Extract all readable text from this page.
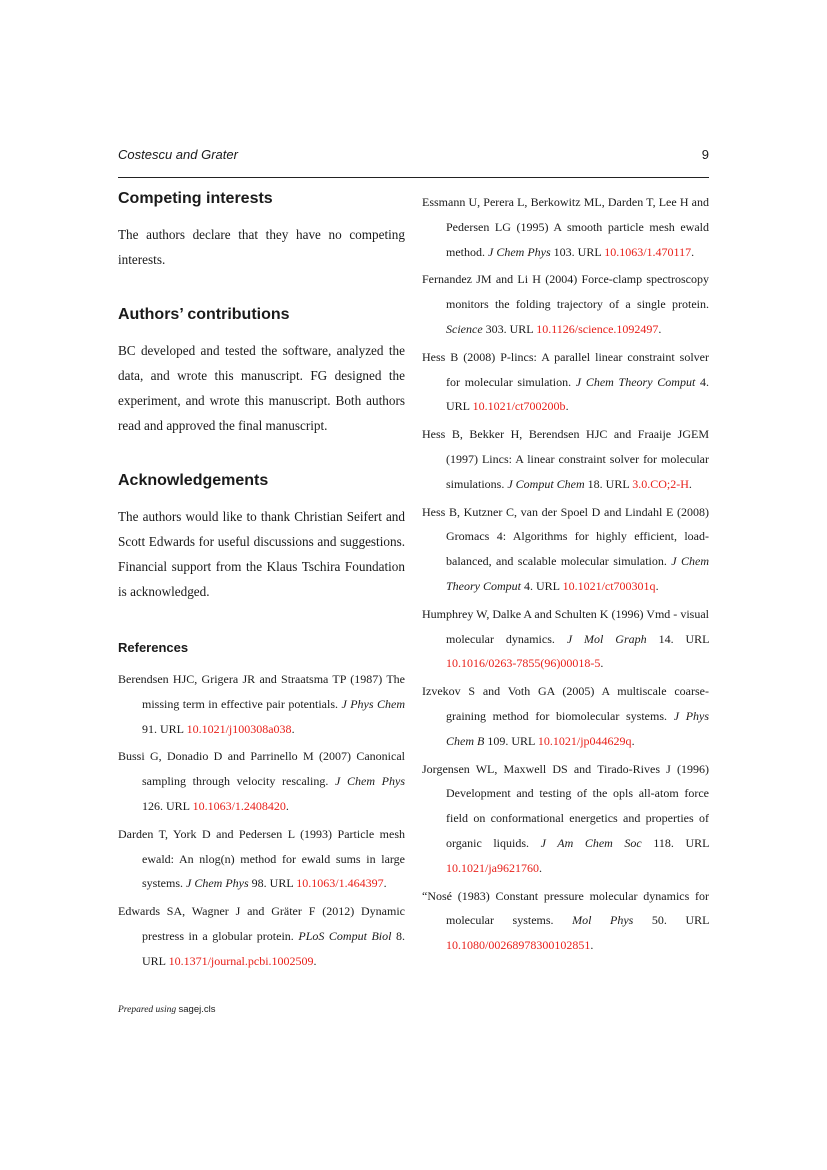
Costescu and Grater	9
Competing interests

The authors declare that they have no competing interests.

Authors’ contributions

BC developed and tested the software, analyzed the data, and wrote this manuscript. FG designed the experiment, and wrote this manuscript. Both authors read and approved the final manuscript.

Acknowledgements

The authors would like to thank Christian Seifert and Scott Edwards for useful discussions and suggestions. Financial support from the Klaus Tschira Foundation is acknowledged.

References

Berendsen HJC, Grigera JR and Straatsma TP (1987) The missing term in effective pair potentials. J Phys Chem 91. URL 10.1021/j100308a038.

Bussi G, Donadio D and Parrinello M (2007) Canonical sampling through velocity rescaling. J Chem Phys 126. URL 10.1063/1.2408420.

Darden T, York D and Pedersen L (1993) Particle mesh ewald: An nlog(n) method for ewald sums in large systems. J Chem Phys 98. URL 10.1063/1.464397.

Edwards SA, Wagner J and Gräter F (2012) Dynamic prestress in a globular protein. PLoS Comput Biol 8. URL 10.1371/journal.pcbi.1002509.

Essmann U, Perera L, Berkowitz ML, Darden T, Lee H and Pedersen LG (1995) A smooth particle mesh ewald method. J Chem Phys 103. URL 10.1063/1.470117.

Fernandez JM and Li H (2004) Force-clamp spectroscopy monitors the folding trajectory of a single protein. Science 303. URL 10.1126/science.1092497.

Hess B (2008) P-lincs: A parallel linear constraint solver for molecular simulation. J Chem Theory Comput 4. URL 10.1021/ct700200b.

Hess B, Bekker H, Berendsen HJC and Fraaije JGEM (1997) Lincs: A linear constraint solver for molecular simulations. J Comput Chem 18. URL 3.0.CO;2-H.

Hess B, Kutzner C, van der Spoel D and Lindahl E (2008) Gromacs 4: Algorithms for highly efficient, load-balanced, and scalable molecular simulation. J Chem Theory Comput 4. URL 10.1021/ct700301q.

Humphrey W, Dalke A and Schulten K (1996) Vmd - visual molecular dynamics. J Mol Graph 14. URL 10.1016/0263-7855(96)00018-5.

Izvekov S and Voth GA (2005) A multiscale coarse-graining method for biomolecular systems. J Phys Chem B 109. URL 10.1021/jp044629q.

Jorgensen WL, Maxwell DS and Tirado-Rives J (1996) Development and testing of the opls all-atom force field on conformational energetics and properties of organic liquids. J Am Chem Soc 118. URL 10.1021/ja9621760.

“Nosé (1983) Constant pressure molecular dynamics for molecular systems. Mol Phys 50. URL 10.1080/00268978300102851.

Prepared using sagej.cls
